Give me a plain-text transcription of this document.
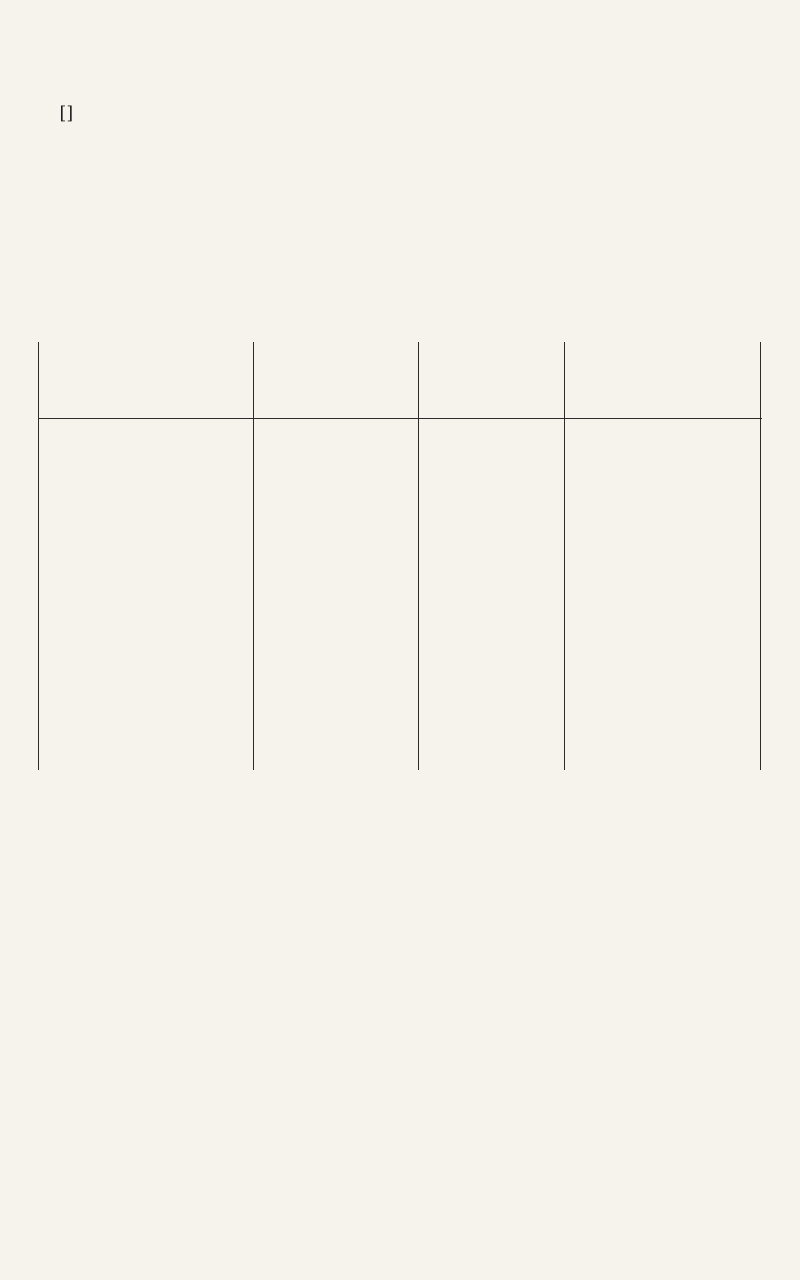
[]
